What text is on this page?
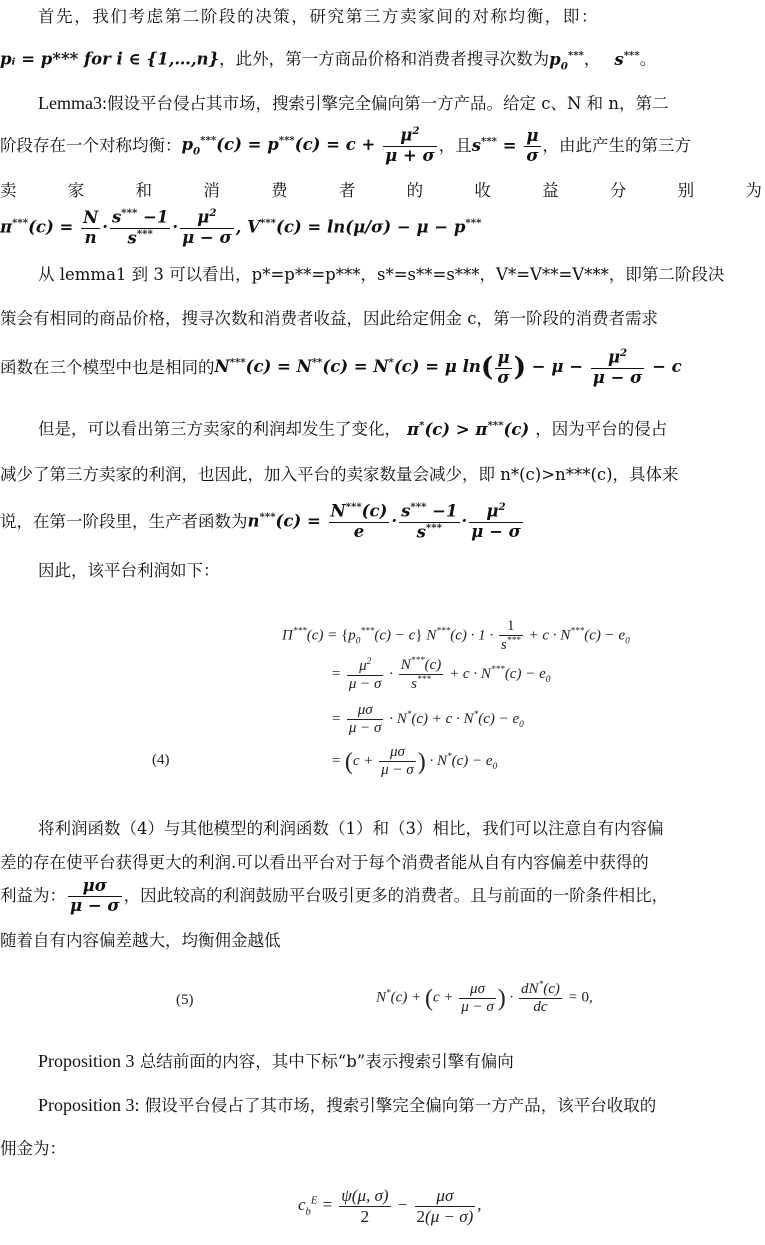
首先，我们考虑第二阶段的决策，研究第三方卖家间的对称均衡，即：
pᵢ = p*** for i ∈ {1,…,n}，此外，第一方商品价格和消费者搜寻次数为$p_0^{***}$， s***。
Lemma3:假设平台侵占其市场，搜索引擎完全偏向第一方产品。给定 c、N 和 n，第二
阶段存在一个对称均衡： $p_0^{***}(c) = p^{***}(c) = c + \frac{\mu^2}{\mu + \sigma}$ ，且 $s^{***} = \frac{\mu}{\sigma}$ ，由此产生的第三方
卖	家	和	消	费	者	的	收	益	分	别	为
$\pi^{***}(c) = \frac{N}{n} \cdot \frac{s^{***} -1}{s^{***}} \cdot \frac{\mu^2}{\mu - \sigma}$ , V***(c) = ln(μ/σ) − μ − p***
从 lemma1 到 3 可以看出，p*=p**=p***，s*=s**=s***，V*=V**=V***，即第二阶段决
策会有相同的商品价格，搜寻次数和消费者收益，因此给定佣金 c，第一阶段的消费者需求
函数在三个模型中也是相同的 N***(c) = N**(c) = N*(c) = μ $\ln( \frac{\mu}{\sigma}$ ) − $\mu - \frac{\mu^2}{\mu - \sigma} - c$
但是，可以看出第三方卖家的利润却发生了变化， π*(c) > π***(c) ，因为平台的侵占
减少了第三方卖家的利润，也因此，加入平台的卖家数量会减少，即 n*(c)>n***(c)，具体来
说，在第一阶段里，生产者函数为 $n^{***}(c) = \frac{N^{***}(c)}{e} \cdot \frac{s^{***} -1}{s^{***}} \cdot \frac{\mu^2}{\mu - \sigma}$
因此，该平台利润如下：
$\Pi^{***}(c) = \{p_0^{***}(c) - c\} N^{***}(c) \cdot 1 \cdot \frac{1}{s^{***}} + c \cdot N^{***}(c) - e_0$
= $\frac{\mu^2}{\mu - \sigma} \cdot \frac{N^{***}(c)}{s^{***}} + c \cdot N^{***}(c) - e_0$
= $\frac{\mu\sigma}{\mu - \sigma} \cdot N^*(c) + c \cdot N^*(c) - e_0$
= ($c + \frac{\mu\sigma}{\mu - \sigma}$ ) · $N^*(c) - e_0$
(4)
将利润函数（4）与其他模型的利润函数（1）和（3）相比，我们可以注意自有内容偏
差的存在使平台获得更大的利润.可以看出平台对于每个消费者能从自有内容偏差中获得的
利益为： $\frac{\mu\sigma}{\mu - \sigma}$ ，因此较高的利润鼓励平台吸引更多的消费者。且与前面的一阶条件相比，
随着自有内容偏差越大，均衡佣金越低
(5)	$N^*(c) + (c + \frac{\mu\sigma}{\mu - \sigma}$ ) · $\frac{dN^*(c)}{dc} = 0$,
Proposition 3 总结前面的内容，其中下标“b”表示搜索引擎有偏向
Proposition 3: 假设平台侵占了其市场，搜索引擎完全偏向第一方产品，该平台收取的
佣金为：
$c_b^E = \frac{\psi(\mu, \sigma)}{2} - \frac{\mu\sigma}{2(\mu - \sigma)}$ ,
